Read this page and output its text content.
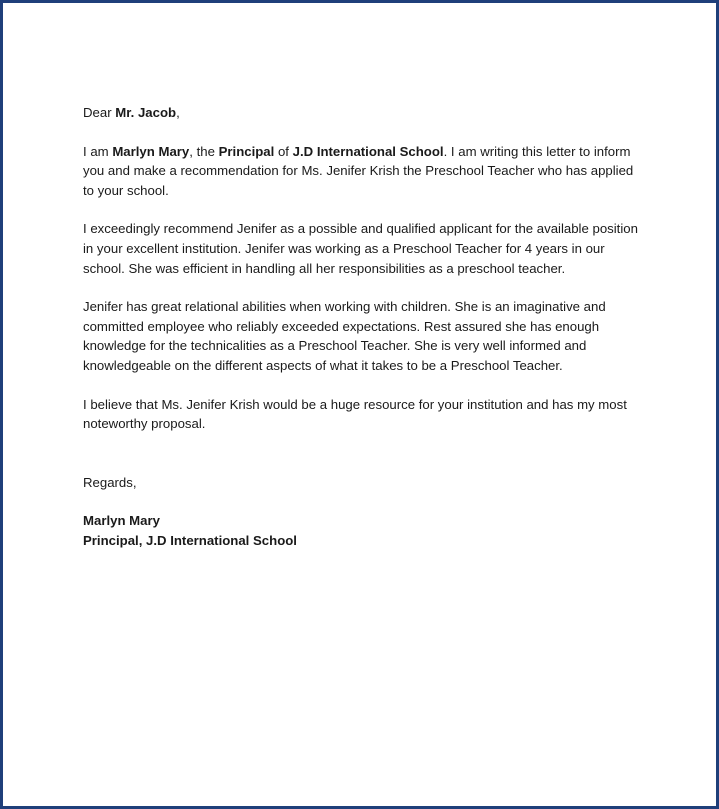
Dear Mr. Jacob,

I am Marlyn Mary, the Principal of J.D International School. I am writing this letter to inform you and make a recommendation for Ms. Jenifer Krish the Preschool Teacher who has applied to your school.

I exceedingly recommend Jenifer as a possible and qualified applicant for the available position in your excellent institution. Jenifer was working as a Preschool Teacher for 4 years in our school. She was efficient in handling all her responsibilities as a preschool teacher.

Jenifer has great relational abilities when working with children. She is an imaginative and committed employee who reliably exceeded expectations. Rest assured she has enough knowledge for the technicalities as a Preschool Teacher. She is very well informed and knowledgeable on the different aspects of what it takes to be a Preschool Teacher.

I believe that Ms. Jenifer Krish would be a huge resource for your institution and has my most noteworthy proposal.

Regards,

Marlyn Mary

Principal, J.D International School
